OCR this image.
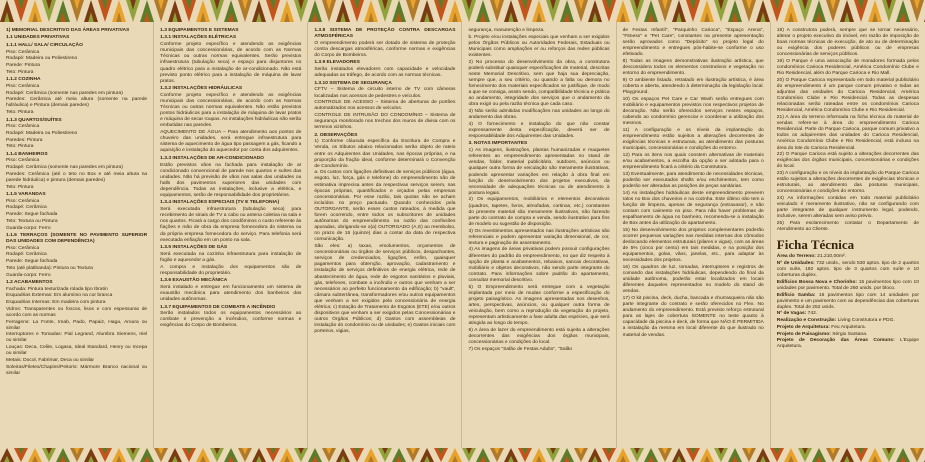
1) MEMORIAL DESCRITIVO DAS ÁREAS PRIVATIVAS

1.1 UNIDADES PRIVATIVAS

1.1.1 HALL/ SALA/ CIRCULAÇÃO

Piso: Cerâmica

Rodapé: Madeira ou Poliestireno

Parede: Pintura

Teto: Pintura

1.1.2 COZINHA

Piso: Cerâmica

Rodapé: Cerâmica (somente nas paredes em pintura)

Paredes: Cerâmica até meia altura (somente na parede hidráulica) e Pintura (demais paredes)

Teto: Pintura

1.1.3 QUARTOS/SUÍTES

Piso: Cerâmica

Rodapé: Madeira ou Poliestireno

Paredes: Pintura

Teto: Pintura

1.1.4 BANHEIROS

Piso: Cerâmica

Rodapé: Cerâmica (somente nas paredes em pintura)

Paredes: Cerâmica (até o teto no Box e até meia altura na parede hidráulica) e pintura (demais paredes)

Teto: Pintura

1.1.5 VARANDAS

Piso: Cerâmica

Rodapé: Cerâmica

Parede: Segue fachada

Teto: Textura ou Pintura

Guarda-corpo: Ferro

1.1.6 TERRAÇOS (SOMENTE NO PAVIMENTO SUPERIOR DAS UNIDADES COM DEPENDÊNCIA)

Piso: Cerâmica

Rodapé: Cerâmica

Parede: Segue fachada

Teto (até platibanda): Pintura ou Textura

Guarda-corpo: Ferro

1.2 ACABAMENTOS

Fachada: Pintura texturizada rolada tipo Ibratin

Esquadrias Externas: Em alumínio na cor branca

Esquadrias Internas: Em madeira com pintura

Vidros: Transparentes ou foscos, lisos e com espessuras de acordo com as normas

Ferragens: La Fonte, Imab, Pado, Papaiz, Haga, Aroura ou similar

Interruptores e Tomadas: Pial Legrand, Alumbra Siemens, Iriel ou similar

Louças: Deca, Celite, Logasa, Ideal Standard, Henry ou Incepa ou similar

Metais: Docol, Fabrimar, Deca ou similar

Soleiras/Filetes/Chapins/Peitoris: Mármore Branco nacional ou similar

1.3 EQUIPAMENTOS E SISTEMAS

1.3.1 INSTALAÇÕES ELÉTRICAS

Conforme projeto específico e atendendo as exigências municipais das concessionárias, de acordo com as Normas Técnicas ou outras normas equivalentes. Serão previstos infraestrutura (tubulação seca) e espaço para disjuntores no quadro elétrico para a instalação de ar-condicionado. Não está previsto ponto elétrico para a instalação de máquina de lavar pratos.

1.3.2 INSTALAÇÕES HIDRÁULICAS

Conforme projeto específico e atendendo as exigências municipais das concessionárias, de acordo com as Normas Técnicas ou outras normas equivalentes. Não estão previstos pontos hidráulicos para a instalação de máquina de lavar pratos e máquina de secar roupas. As instalações hidráulicas não serão embutidas nas paredes.

AQUECIMENTO DE ÁGUA – Para atendimento aos pontos de chuveiro das unidades, será entregue infraestrutura para sistema de aquecimento de água tipo passagem a gás, ficando a aquisição e instalação do aquecedor por conta dos adquirentes.

1.3.3 INSTALAÇÕES DE AR-CONDICIONADO

Estão previstos vãos na fachada para instalação de ar condicionado convencional de parede nos quartos e suítes das unidades. Não há previsão de vãos nas salas das unidades ou halls dos pavimentos superiores das unidades com dependência. Todas as instalações, inclusive a elétrica, e equipamentos, serão de responsabilidade dos proprietários.

1.3.4 INSTALAÇÕES ESPECIAIS (TV E TELEFONIA)

Será executada infraestrutura (tubulação seca) para recebimento de sinais de TV a cabo ou antena coletiva na sala e nos quartos. Ficará a cargo dos condôminos o custo referente às fiações e mão de obra da empresa fornecedora do sistema ou da própria empresa fornecedora do serviço. Para telefonia será executada enfiação em um ponto na sala.

1.3.5 INSTALAÇÕES DE GÁS

Será executada na cozinha infraestrutura para instalação de fogão e aquecedor a gás.

A compra e instalação dos equipamentos são de responsabilidade do proprietário.

1.3.6 EXAUSTÃO MECÂNICA

Será instalado e entregue em funcionamento um sistema de exaustão mecânica para atendimento dos banheiros das unidades autônomas.

1.3.7 EQUIPAMENTOS DE COMBATE A INCÊNDIO

Serão instalados todos os equipamentos necessários ao combate e prevenção a incêndios, conforme normas e exigências do Corpo de Bombeiros.

1.3.8 SISTEMA DE PROTEÇÃO CONTRA DESCARGAS ATMOSFÉRICAS

O empreendimento poderá ser dotado de sistema de proteção contra descargas atmosféricas, conforme normas e exigências do Corpo de Bombeiros.

1.3.9 ELEVADORES

Serão instalados elevadores com capacidade e velocidade adequadas ao tráfego, de acordo com as normas técnicas.

1.3.10 SISTEMA DE SEGURANÇA

CFTV – Sistema de circuito interno de TV com câmeras localizadas nos acessos de pedestres e veículos.

CONTROLE DE ACESSO – Sistema de aberturas de portões automatizados nos acessos de veículos.

CONTROLE DE INTRUSÃO DO CONDOMÍNIO – Sistema de segurança monitorado nos trechos dos muros de divisa com os terrenos vizinhos.

2. OBSERVAÇÕES

1) Conforme cláusula específica da Escritura de Compra e Venda, os tributos abaixo relacionados serão objeto de rateio entre os Adquirentes das Unidades, nas épocas próprias, e na proporção da fração ideal, conforme determinará o Convenção de Condomínio.

a. Os custos com ligações definitivas de serviços públicos (água, esgoto, luz, força, gás e telefone) do empreendimento são de estimativa imprecisa antes da respectivas serviços serem, nas épocas próprias, quantificados e orçados pelas empresas concessionárias. Por esse razão, tais quotas não se acham incluídos no preço pactuado. Quando conhecidos pela OUTORGANTE, serão esses custos rateados, à medida que forem ocorrendo, entre todos os subscritores de unidades autônomas do empreendimento na razão das confissões apuradas, obrigando-se o(a) OUTORGADO (A,S) ao reembolso, no prazo de 15 (quinze) dias a contar da data de respectiva comunicação.

São eles: a) taxas, emolumentos, orçamentos de concessionárias ou órgãos de serviços públicos, despachantes, serviços de credenciados, ligações, enfim, quaisquer pagamentos para obtenção, aprovação, cadastramento e instalação de serviços definitivos de energia elétrica, rede de abastecimento de água, rede de esgotos sanitários e pluviais, gás, telefones, combate a incêndio e outros que venham a ser necessários ao perfeito funcionamento da edificação; b) "vault", câmara subterrânea, transformadores e/ou outros equipamentos que venham a ser exigidos pela concessionária de energia elétrica; c) Estação de Tratamento de Esgotos (ETE) e/ou outros dispositivos que venham a ser exigidos pelas Concessionárias e outros Órgãos Públicos; d) Gastos com assembleias de instalação do condomínio ou de unidades; e) Gastos iniciais com porteiros, vigias,

segurança, manutenção e limpeza.

b. Projeto e/ou instalações especiais que venham a ser exigidos pelos Órgãos Públicos ou Autoridades Federais, Estaduais ou Municipais como ampliações e/ ou reforços das redes públicas existentes.

2) No processo do desenvolvimento da obra, a construtora poderá substituir quaisquer especificações de material, descritas neste Memorial Descritivo, sem que haja sua depreciação, sempre que, a seu critério, ou quando a falta ou demora no fornecimento dos materiais especificados se justifique, de modo a que se consiga, assim sendo, compatibilidade técnica e prática ao andamento, integridade dos serviços que o andamento da obra exigir ou pela razão técnica que cada caso.

3) Não serão admitidas modificações nas unidades ao longo do andamento das obras.

4) O fornecimento e instalação do que não constar expressamente desta especificação, deverá ser de responsabilidade dos Adquirentes das Unidades.

3. NOTAS IMPORTANTES

1) As imagens, ilustrações, plantas humanizadas e maquetes referentes ao empreendimento apresentadas no stand de vendas, folder, material publicitário, outdoors, anúncios ou qualquer outra forma de veiculação são meramente ilustrativas, podendo apresentar variações em relação à obra final em função do desenvolvimento dos projetos executivos, da necessidade de adequações técnicas ou de atendimento à postura legais.

2) Os equipamentos, mobiliários e elementos decorativos (quadros, tapetes, livros, almofadas, cortinas, etc.) constantes do presente material são meramente ilustrativos, não fazendo parte do contrato de compra e venda, sendo ilustrativo para fins de modelo ou sugestão de disposição.

3) Os revestimentos apresentados nas ilustrações artísticas são referenciais e podem apresentar variação dimensional, de cor, textura e paginação de assentamento.

4) As imagens de áreas privativas podem possuir configurações diferentes do padrão do empreendimento, no que diz respeito à opção de planta e acabamentos, rebaixos, sancas decorativas, mobiliário e objetos decorativos, não sendo parte integrante do contrato. Para informações sobre padrão do apartamento, consultar memorial descritivo.

5) O Empreendimento será entregue com a vegetação implantada por meio de mudas conforme a especificação do projeto paisagístico. As imagens apresentadas nos desenhos, artes, perspectivas, anúncios, ou qualquer outra forma de veiculação, bem como a reprodução da vegetação do projeto, representam artisticamente a fase adulta das espécies, que será atingida ao longo do tempo.

6) A área de lazer do empreendimento está sujeita a alterações decorrentes das exigências dos órgãos municipais, concessionárias e condições do local.

7) Os espaços "Salão de Festas Adulto", "Salão

de Festas Infantil", "Parquinho Carioca", "Espaço Arena", "Fitness" e "Pet Care", constantes na presente apresentação serão aprovados como "Depósito" no projeto legal do empreendimento e entregues pós-habite-se conforme o uso efetivado.

8) Todas as imagens demonstrativas ilustração artística, que desconsidera todos os elementos construtivos e vegetação no entorno do empreendimento.

9) O ambiente listado, retratado em ilustração artística, é área coberta e aberta, atendendo à determinação da legislação local. Playground.

10) Os espaços Pet Care e Car Wash serão entregues com mobiliário e equipamentos previstos nos respectivos projetos de decoração. Não serão oferecidos serviços nestes espaços, cabendo ao condomínio gerenciar e coordenar a utilização dos mesmos.

11) A configuração e os níveis da implantação do empreendimento estão sujeitos a alterações decorrentes de exigências técnicas e estruturais, ao atendimento das posturas municipais, concessionárias e condições do entorno.

12) Para os itens nos quais constem alternativas de materiais e/ou acabamentos, a escolha da opção a ser adotada para o empreendimento ficará a critério da Construtora.

13) Eventualmente, para atendimento de necessidades técnicas, poderão ser executados shafts e/ou enchimentos, tem como poderão ser alteradas as posições de peças sanitárias.

14) As instalações hidráulicas deste empreendimento preveem ralos no Box dos chuveiros e na cozinha. Este último não tem a função de limpeza, apenas de segurança (extravasor), e não contam com caimento no piso. Para não haver problemas de espalhamento de água no banheiro, recomenda-se a instalação de Box antes da utilização do apartamento.

15) No desenvolvimento dos projetos complementares poderão ocorrer pequenas variações nas medidas internas dos cômodos deslocando elementos estruturais (pilares e vigas), com as áreas de 5% (cinco por cento) em tais medidas, e na posição dos equipamentos, golas, vãos, janelas, etc., para adaptar às necessidades dos projetos.

16) Os quadros de luz, tomadas, interruptores e registros de comando das instalações hidráulicas, dependendo do final da unidade autônoma, poderão estar localizados em locais diferentes daqueles representados no modelo do stand de vendas.

17) O kit piscina, deck, ducha, bancada e churrasqueira não são parte integrante do contrato e serão oferecidos no Flex. No andamento do empreendimento. Está previsto reforço estrutural para as lajes de cobertura SOMENTE no teste quanto à capacidade da piscina e deck, de forma que NÃO É PERMITIDA a instalação da mesma em local diferente do que ilustrado no material de vendas.

18) A construtora poderá, sempre que se tornar necessário, alterar o projeto executivo do imóvel, em razão de imposição de boas normas técnicas de execução, de ato ou de determinação ou exigência dos poderes públicos ou de empresas concessionárias de serviços públicos.

19) O Parque é uma associação de moradores formada pelos condomínios Carioca Residencial, América Condomínio Clube e Rio Residencial, além do Parque Carioca e Rio Mall.

20) O Parque Carioca representado em todo material publicitário do empreendimento é um parque comum privativo e todas as adjuntas das unidades do Carioca Residencial, América Condomínio Clube e Rio Residencial. Todas as despesas relacionadas serão rateadas entre os condomínios Carioca Residencial, América Condomínio Clube e Rio Residencial.

21) A área do terreno informada na ficha técnica do material de vendas refere-se à área do empreendimento Carioca Residencial. Parte do Parque Carioca, parque comum privativo a todos os adquirentes das unidades do Carioca Residencial, América Condomínio Clube e Rio Residencial, está incluso na área do lote do Carioca Residencial.

22) O Parque Carioca está sujeito a alterações decorrentes das exigências dos órgãos municipais, concessionárias e condições do local.

23) A configuração e os níveis da implantação do Parque Carioca estão sujeitos a alterações decorrentes de exigências técnicas e estruturais, ao atendimento das posturas municipais, concessionárias e condições do entorno.

24) As informações contidas em todo material publicitário veiculado é meramente ilustrativo, não se configurando com parte integrante de qualquer instrumento legal, podendo, inclusive, serem alteradas sem aviso prévio.

25) Para esclarecimento contatar o Departamento de Atendimento ao Cliente.

Ficha Técnica

Área do Terreno: 21.210,00m².

Nº de Unidades: 732 unids., sendo 530 aptos. tipo de 2 quartos com suíte, 192 aptos. tipo de 3 quartos com suíte e 10 coberturas duplex.

Edifícios Bossa Nova e Chorinho: 15 pavimentos tipo com 10 unidades por pavimento. Total de 260 unids. por bloco.

Edifício Samba: 16 pavimentos tipo com 14 unidades por pavimento e um pavimento com as dependências das coberturas duplex. Total de 252 unids.

Nº de Vagas: 742.

Realização e Construção: Living Construtora e PDG.

Projeto de Arquitetura: Feu Arquitetura.

Projeto de Paisagismo: Sérgio Santana.

Projeto de Decoração das Áreas Comuns: L'Equipe Arquitetura.
